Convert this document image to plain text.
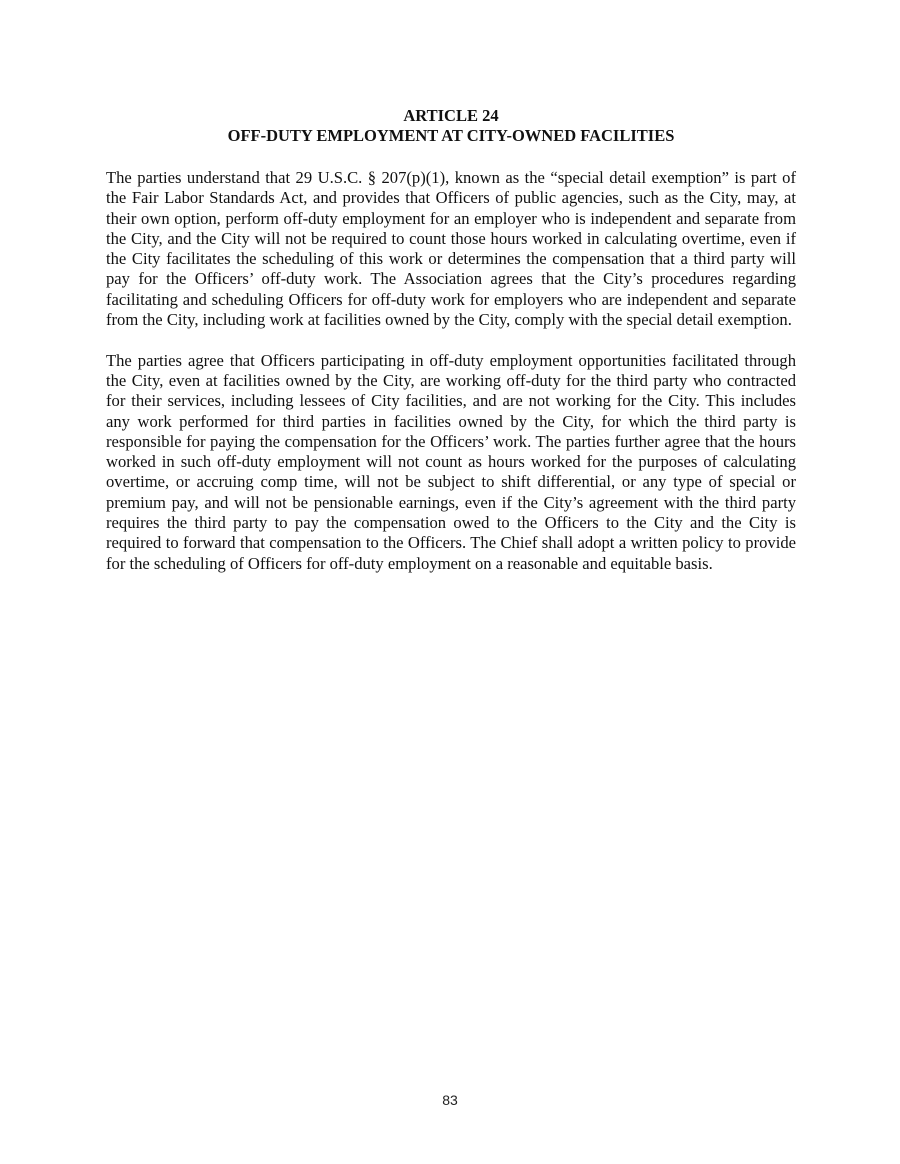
ARTICLE 24
OFF-DUTY EMPLOYMENT AT CITY-OWNED FACILITIES

The parties understand that 29 U.S.C. § 207(p)(1), known as the “special detail exemption” is part of the Fair Labor Standards Act, and provides that Officers of public agencies, such as the City, may, at their own option, perform off-duty employment for an employer who is independent and separate from the City, and the City will not be required to count those hours worked in calculating overtime, even if the City facilitates the scheduling of this work or determines the compensation that a third party will pay for the Officers’ off-duty work. The Association agrees that the City’s procedures regarding facilitating and scheduling Officers for off-duty work for employers who are independent and separate from the City, including work at facilities owned by the City, comply with the special detail exemption.

The parties agree that Officers participating in off-duty employment opportunities facilitated through the City, even at facilities owned by the City, are working off-duty for the third party who contracted for their services, including lessees of City facilities, and are not working for the City. This includes any work performed for third parties in facilities owned by the City, for which the third party is responsible for paying the compensation for the Officers’ work. The parties further agree that the hours worked in such off-duty employment will not count as hours worked for the purposes of calculating overtime, or accruing comp time, will not be subject to shift differential, or any type of special or premium pay, and will not be pensionable earnings, even if the City’s agreement with the third party requires the third party to pay the compensation owed to the Officers to the City and the City is required to forward that compensation to the Officers. The Chief shall adopt a written policy to provide for the scheduling of Officers for off-duty employment on a reasonable and equitable basis.

83
